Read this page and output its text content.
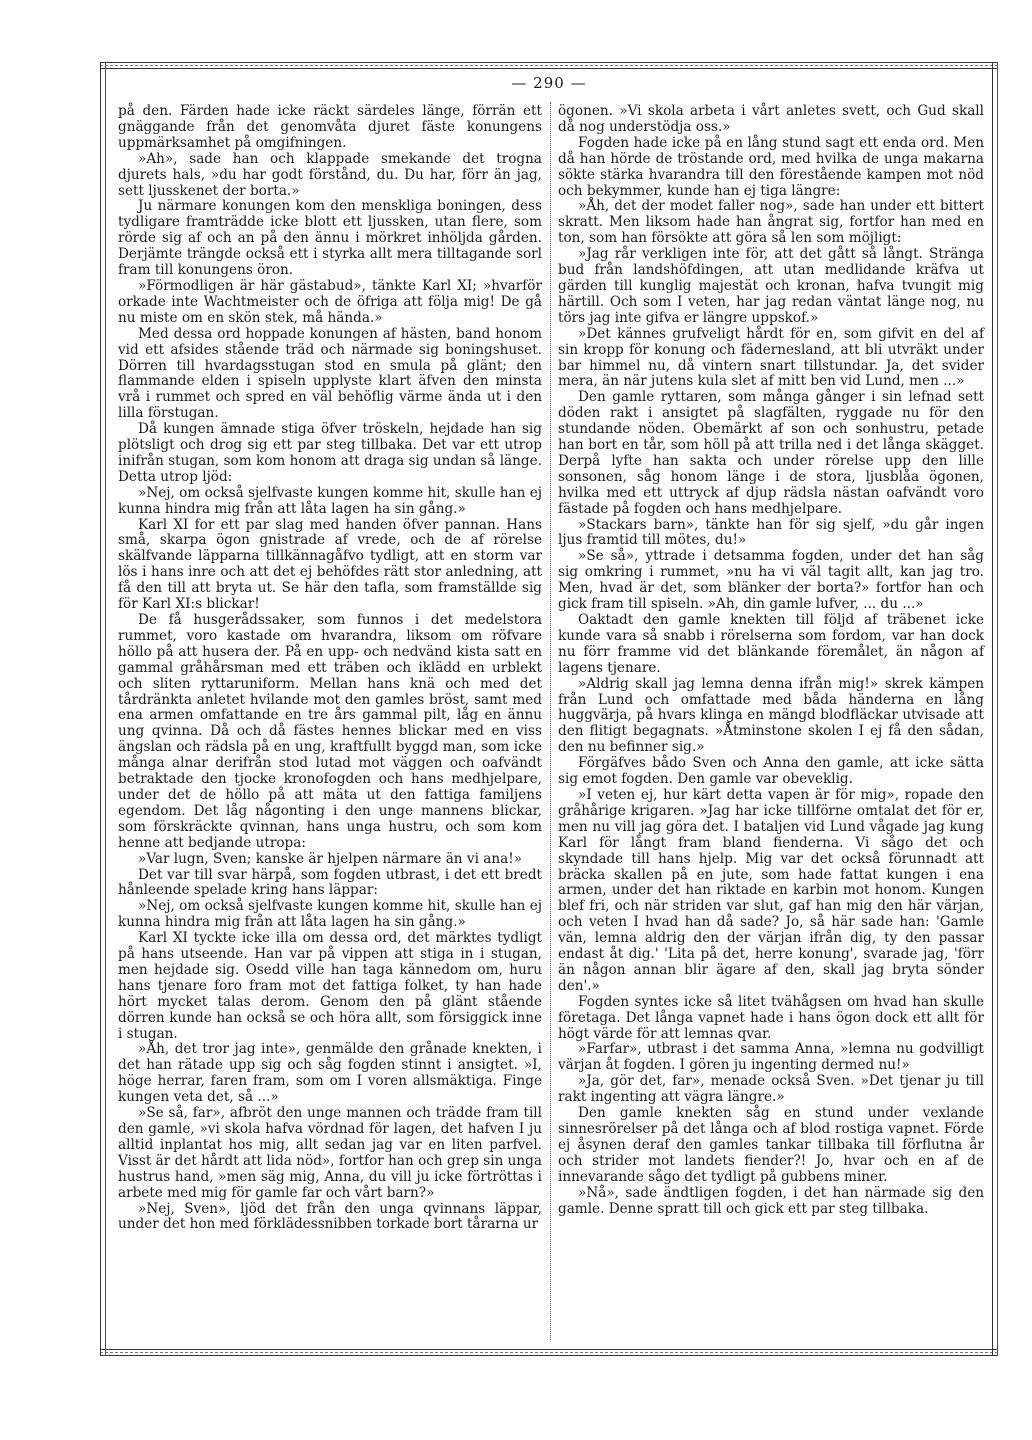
— 290 —

på den. Färden hade icke räckt särdeles länge, förrän ett gnäggande från det genomvåta djuret fäste konungens uppmärksamhet på omgifningen.

»Ah», sade han och klappade smekande det trogna djurets hals, »du har godt förstånd, du. Du har, förr än jag, sett ljusskenet der borta.»

Ju närmare konungen kom den menskliga boningen, dess tydligare framträdde icke blott ett ljussken, utan flere, som rörde sig af och an på den ännu i mörkret inhöljda gården. Derjämte trängde också ett i styrka allt mera tilltagande sorl fram till konungens öron.

»Förmodligen är här gästabud», tänkte Karl XI; »hvarför orkade inte Wachtmeister och de öfriga att följa mig! De gå nu miste om en skön stek, må hända.»

Med dessa ord hoppade konungen af hästen, band honom vid ett afsides stående träd och närmade sig boningshuset. Dörren till hvardagsstugan stod en smula på glänt; den flammande elden i spiseln upplyste klart äfven den minsta vrå i rummet och spred en väl behöflig värme ända ut i den lilla förstugan.

Då kungen ämnade stiga öfver tröskeln, hejdade han sig plötsligt och drog sig ett par steg tillbaka. Det var ett utrop inifrån stugan, som kom honom att draga sig undan så länge. Detta utrop ljöd:

»Nej, om också sjelfvaste kungen komme hit, skulle han ej kunna hindra mig från att låta lagen ha sin gång.»

Karl XI for ett par slag med handen öfver pannan. Hans små, skarpa ögon gnistrade af vrede, och de af rörelse skälfvande läpparna tillkännagåfvo tydligt, att en storm var lös i hans inre och att det ej behöfdes rätt stor anledning, att få den till att bryta ut. Se här den tafla, som framställde sig för Karl XI:s blickar!

De få husgerådssaker, som funnos i det medelstora rummet, voro kastade om hvarandra, liksom om röfvare höllo på att husera der. På en upp- och nedvänd kista satt en gammal gråhårsman med ett träben och iklädd en urblekt och sliten ryttaruniform. Mellan hans knä och med det tårdränkta anletet hvilande mot den gamles bröst, samt med ena armen omfattande en tre års gammal pilt, låg en ännu ung qvinna. Då och då fästes hennes blickar med en viss ängslan och rädsla på en ung, kraftfullt byggd man, som icke många alnar derifrån stod lutad mot väggen och oafvändt betraktade den tjocke kronofogden och hans medhjelpare, under det de höllo på att mäta ut den fattiga familjens egendom. Det låg någonting i den unge mannens blickar, som förskräckte qvinnan, hans unga hustru, och som kom henne att bedjande utropa:

»Var lugn, Sven; kanske är hjelpen närmare än vi ana!»

Det var till svar härpå, som fogden utbrast, i det ett bredt hånleende spelade kring hans läppar:

»Nej, om också sjelfvaste kungen komme hit, skulle han ej kunna hindra mig från att låta lagen ha sin gång.»

Karl XI tyckte icke illa om dessa ord, det märktes tydligt på hans utseende. Han var på vippen att stiga in i stugan, men hejdade sig. Osedd ville han taga kännedom om, huru hans tjenare foro fram mot det fattiga folket, ty han hade hört mycket talas derom. Genom den på glänt stående dörren kunde han också se och höra allt, som försiggick inne i stugan.

»Åh, det tror jag inte», genmälde den grånade knekten, i det han rätade upp sig och såg fogden stinnt i ansigtet. »I, höge herrar, faren fram, som om I voren allsmäktiga. Finge kungen veta det, så ...»

»Se så, far», afbröt den unge mannen och trädde fram till den gamle, »vi skola hafva vördnad för lagen, det hafven I ju alltid inplantat hos mig, allt sedan jag var en liten parfvel. Visst är det hårdt att lida nöd», fortfor han och grep sin unga hustrus hand, »men säg mig, Anna, du vill ju icke förtröttas i arbete med mig för gamle far och vårt barn?»

»Nej, Sven», ljöd det från den unga qvinnans läppar, under det hon med förklädessnibben torkade bort tårarna ur

ögonen. »Vi skola arbeta i vårt anletes svett, och Gud skall då nog understödja oss.»

Fogden hade icke på en lång stund sagt ett enda ord. Men då han hörde de tröstande ord, med hvilka de unga makarna sökte stärka hvarandra till den förestående kampen mot nöd och bekymmer, kunde han ej tiga längre:

»Åh, det der modet faller nog», sade han under ett bittert skratt. Men liksom hade han ångrat sig, fortfor han med en ton, som han försökte att göra så len som möjligt:

»Jag rår verkligen inte för, att det gått så långt. Stränga bud från landshöfdingen, att utan medlidande kräfva ut gärden till kunglig majestät och kronan, hafva tvungit mig härtill. Och som I veten, har jag redan väntat länge nog, nu törs jag inte gifva er längre uppskof.»

»Det kännes grufveligt hårdt för en, som gifvit en del af sin kropp för konung och fädernesland, att bli utvräkt under bar himmel nu, då vintern snart tillstundar. Ja, det svider mera, än när jutens kula slet af mitt ben vid Lund, men ...»

Den gamle ryttaren, som många gånger i sin lefnad sett döden rakt i ansigtet på slagfälten, ryggade nu för den stundande nöden. Obemärkt af son och sonhustru, petade han bort en tår, som höll på att trilla ned i det långa skägget. Derpå lyfte han sakta och under rörelse upp den lille sonsonen, såg honom länge i de stora, ljusblåa ögonen, hvilka med ett uttryck af djup rädsla nästan oafvändt voro fästade på fogden och hans medhjelpare.

»Stackars barn», tänkte han för sig sjelf, »du går ingen ljus framtid till mötes, du!»

»Se så», yttrade i detsamma fogden, under det han såg sig omkring i rummet, »nu ha vi väl tagit allt, kan jag tro. Men, hvad är det, som blänker der borta?» fortfor han och gick fram till spiseln. »Ah, din gamle lufver, ... du ...»

Oaktadt den gamle knekten till följd af träbenet icke kunde vara så snabb i rörelserna som fordom, var han dock nu förr framme vid det blänkande föremålet, än någon af lagens tjenare.

»Aldrig skall jag lemna denna ifrån mig!» skrek kämpen från Lund och omfattade med båda händerna en lång huggvärja, på hvars klinga en mängd blodfläckar utvisade att den flitigt begagnats. »Åtminstone skolen I ej få den sådan, den nu befinner sig.»

Förgäfves bådo Sven och Anna den gamle, att icke sätta sig emot fogden. Den gamle var obeveklig.

»I veten ej, hur kärt detta vapen är för mig», ropade den gråhårige krigaren. »Jag har icke tillförne omtalat det för er, men nu vill jag göra det. I bataljen vid Lund vågade jag kung Karl för långt fram bland fienderna. Vi sågo det och skyndade till hans hjelp. Mig var det också förunnadt att bräcka skallen på en jute, som hade fattat kungen i ena armen, under det han riktade en karbin mot honom. Kungen blef fri, och när striden var slut, gaf han mig den här värjan, och veten I hvad han då sade? Jo, så här sade han: 'Gamle vän, lemna aldrig den der värjan ifrån dig, ty den passar endast åt dig.' 'Lita på det, herre konung', svarade jag, 'förr än någon annan blir ägare af den, skall jag bryta sönder den'.»

Fogden syntes icke så litet tvähågsen om hvad han skulle företaga. Det långa vapnet hade i hans ögon dock ett allt för högt värde för att lemnas qvar.

»Farfar», utbrast i det samma Anna, »lemna nu godvilligt värjan åt fogden. I gören ju ingenting dermed nu!»

»Ja, gör det, far», menade också Sven. »Det tjenar ju till rakt ingenting att vägra längre.»

Den gamle knekten såg en stund under vexlande sinnesrörelser på det långa och af blod rostiga vapnet. Förde ej åsynen deraf den gamles tankar tillbaka till förflutna år och strider mot landets fiender?! Jo, hvar och en af de innevarande sågo det tydligt på gubbens miner.

»Nå», sade ändtligen fogden, i det han närmade sig den gamle. Denne spratt till och gick ett par steg tillbaka.
